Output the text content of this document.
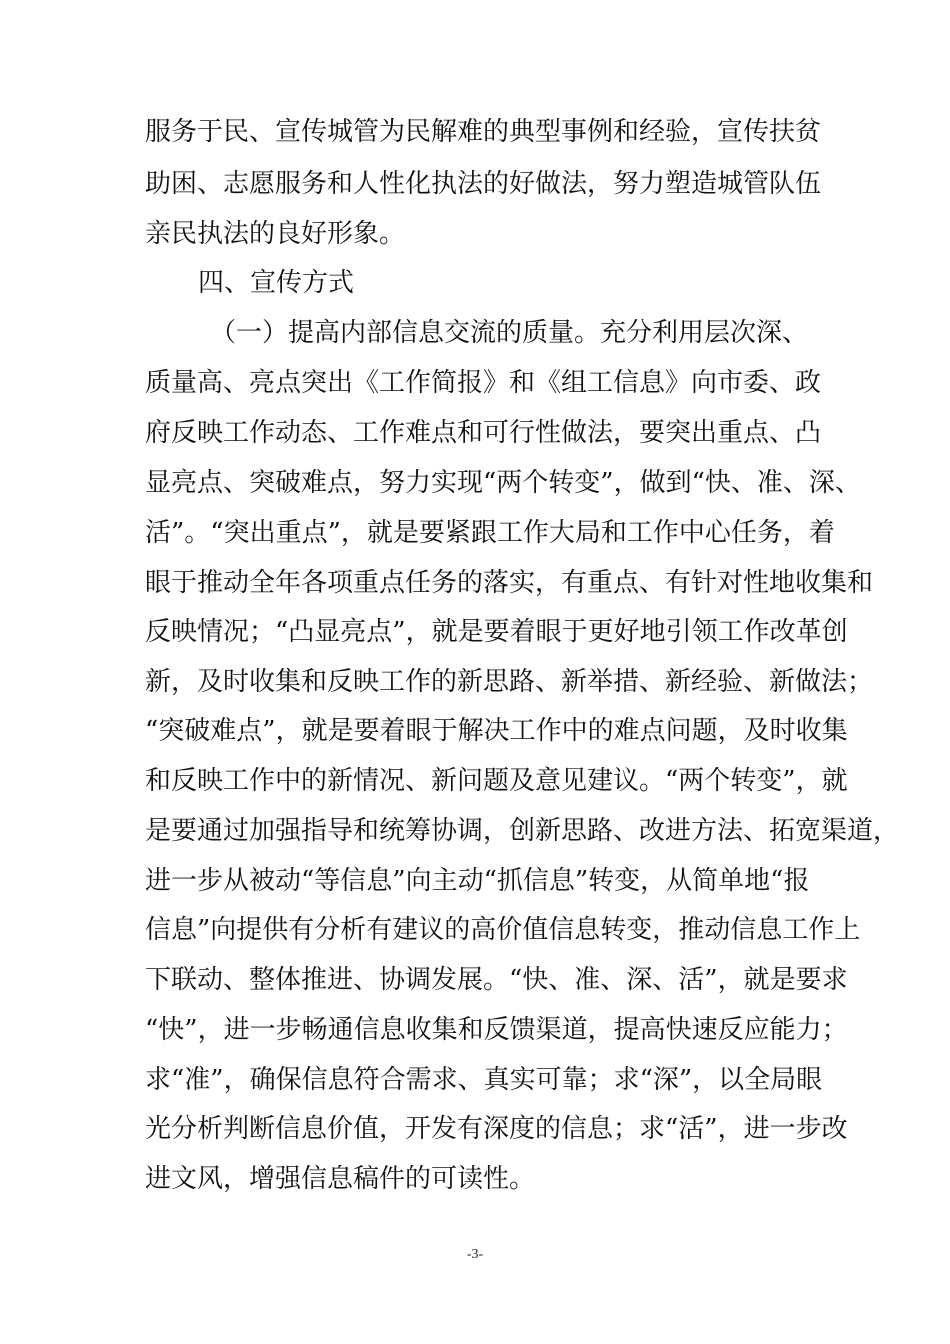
服务于民、宣传城管为民解难的典型事例和经验，宣传扶贫
助困、志愿服务和人性化执法的好做法，努力塑造城管队伍
亲民执法的良好形象。
四、宣传方式
（一）提高内部信息交流的质量。充分利用层次深、
质量高、亮点突出《工作简报》和《组工信息》向市委、政
府反映工作动态、工作难点和可行性做法，要突出重点、凸
显亮点、突破难点，努力实现“两个转变”，做到“快、准、深、
活”。“突出重点”，就是要紧跟工作大局和工作中心任务，着
眼于推动全年各项重点任务的落实，有重点、有针对性地收集和
反映情况；“凸显亮点”，就是要着眼于更好地引领工作改革创
新，及时收集和反映工作的新思路、新举措、新经验、新做法；
“突破难点”，就是要着眼于解决工作中的难点问题，及时收集
和反映工作中的新情况、新问题及意见建议。“两个转变”，就
是要通过加强指导和统筹协调，创新思路、改进方法、拓宽渠道，
进一步从被动“等信息”向主动“抓信息”转变，从简单地“报
信息”向提供有分析有建议的高价值信息转变，推动信息工作上
下联动、整体推进、协调发展。“快、准、深、活”，就是要求
“快”，进一步畅通信息收集和反馈渠道，提高快速反应能力；
求“准”，确保信息符合需求、真实可靠；求“深”，以全局眼
光分析判断信息价值，开发有深度的信息；求“活”，进一步改
进文风，增强信息稿件的可读性。
-3-
